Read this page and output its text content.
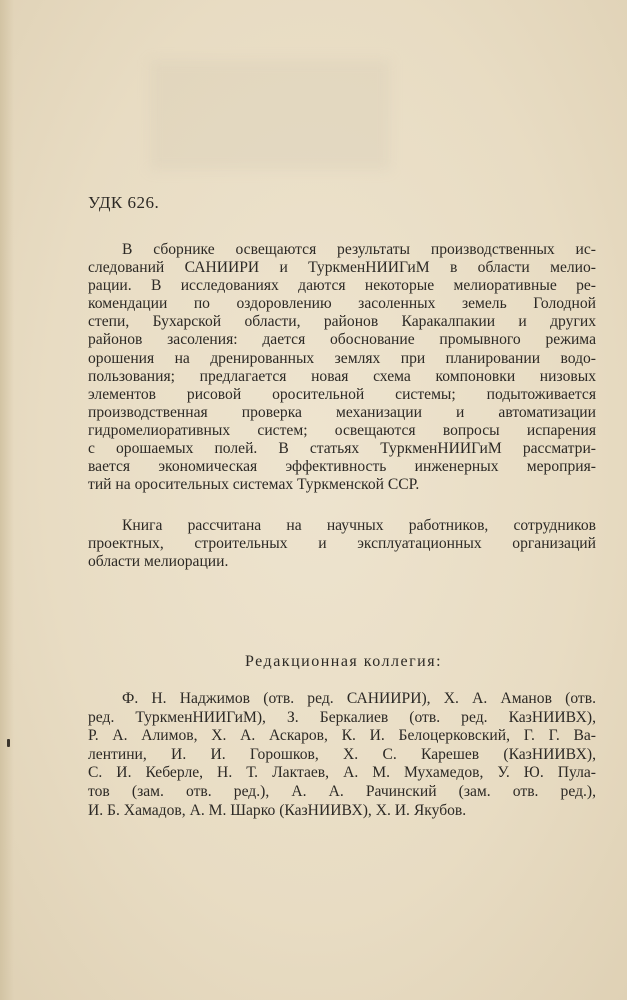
УДК 626.
В сборнике освещаются результаты производственных ис-
следований САНИИРИ и ТуркменНИИГиМ в области мелио-
рации. В исследованиях даются некоторые мелиоративные ре-
комендации по оздоровлению засоленных земель Голодной
степи, Бухарской области, районов Каракалпакии и других
районов засоления: дается обоснование промывного режима
орошения на дренированных землях при планировании водо-
пользования; предлагается новая схема компоновки низовых
элементов рисовой оросительной системы; подытоживается
производственная проверка механизации и автоматизации
гидромелиоративных систем; освещаются вопросы испарения
с орошаемых полей. В статьях ТуркменНИИГиМ рассматри-
вается экономическая эффективность инженерных мероприя-
тий на оросительных системах Туркменской ССР.
Книга рассчитана на научных работников, сотрудников
проектных, строительных и эксплуатационных организаций
области мелиорации.
Редакционная коллегия:
Ф. Н. Наджимов (отв. ред. САНИИРИ), Х. А. Аманов (отв.
ред. ТуркменНИИГиМ), З. Беркалиев (отв. ред. КазНИИВХ),
Р. А. Алимов, Х. А. Аскаров, К. И. Белоцерковский, Г. Г. Ва-
лентини, И. И. Горошков, Х. С. Карешев (КазНИИВХ),
С. И. Кеберле, Н. Т. Лактаев, А. М. Мухамедов, У. Ю. Пула-
тов (зам. отв. ред.), А. А. Рачинский (зам. отв. ред.),
И. Б. Хамадов, А. М. Шарко (КазНИИВХ), Х. И. Якубов.
